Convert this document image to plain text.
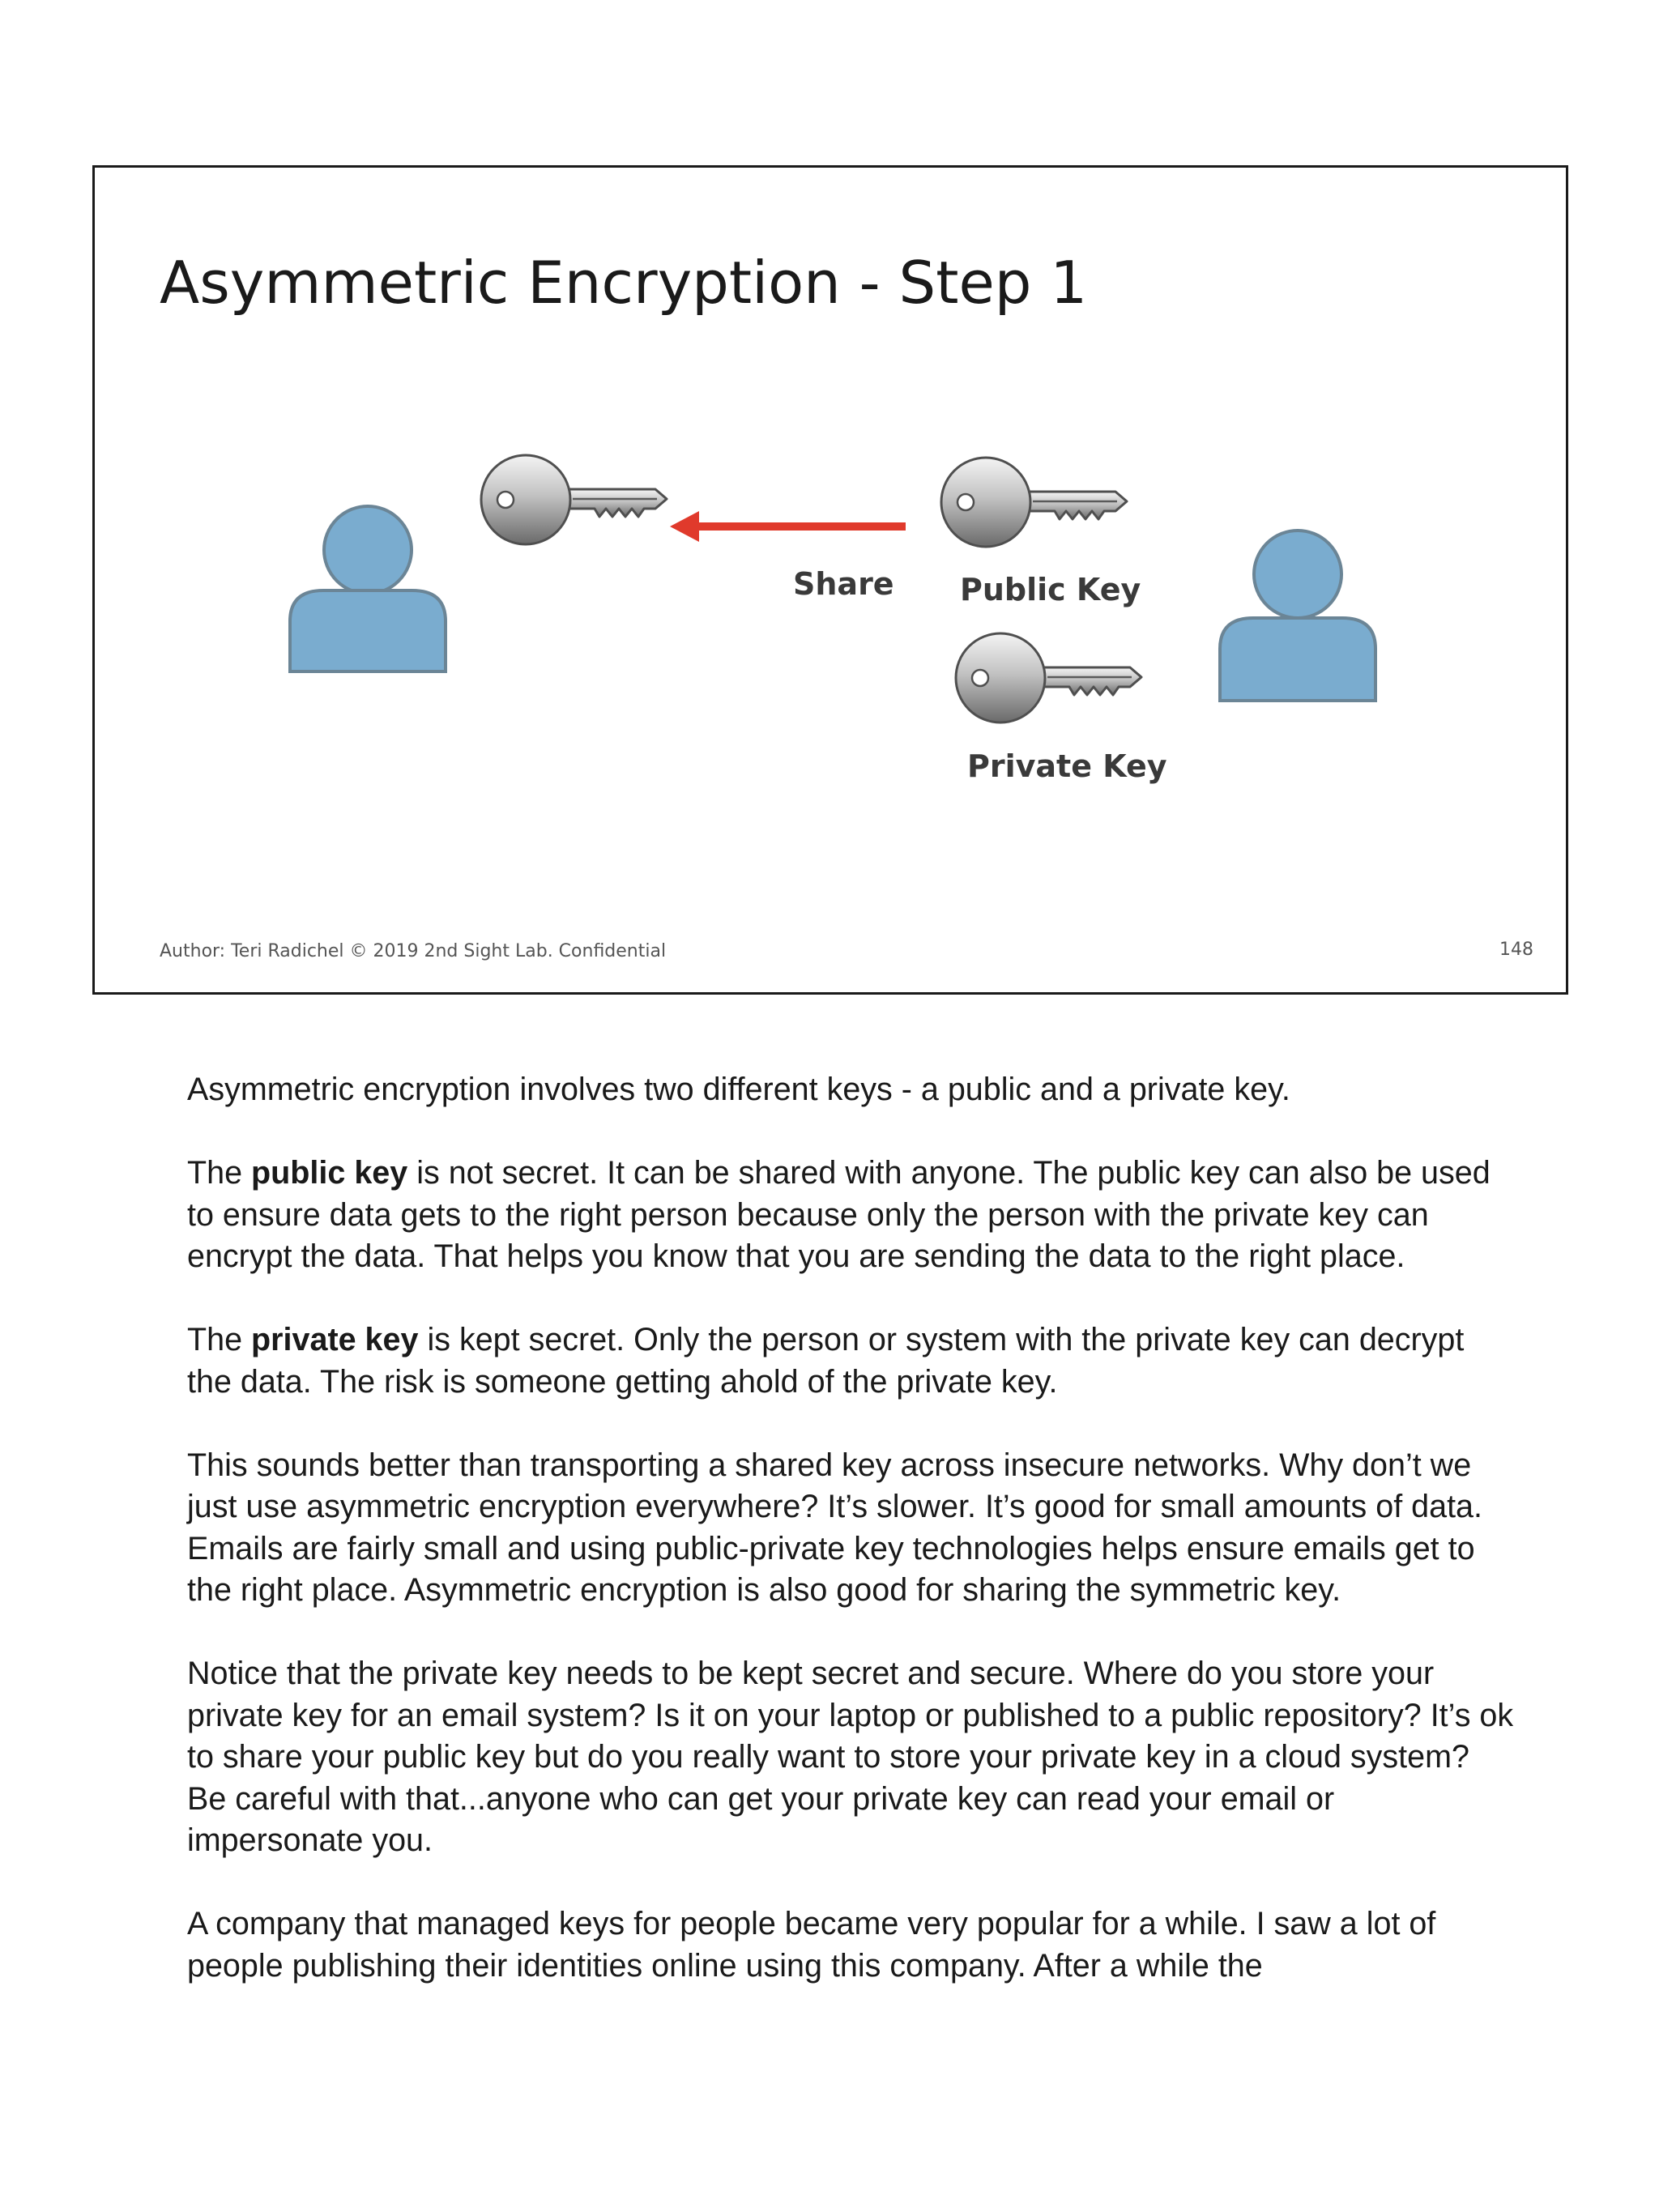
Asymmetric Encryption - Step 1
Share Public Key
Private Key
Author: Teri Radichel © 2019 2nd Sight Lab. Confidential	148

Asymmetric encryption involves two different keys - a public and a private key.

The public key is not secret. It can be shared with anyone. The public key can also be used to ensure data gets to the right person because only the person with the private key can encrypt the data. That helps you know that you are sending the data to the right place.

The private key is kept secret. Only the person or system with the private key can decrypt the data. The risk is someone getting ahold of the private key.

This sounds better than transporting a shared key across insecure networks. Why don’t we just use asymmetric encryption everywhere? It’s slower. It’s good for small amounts of data. Emails are fairly small and using public-private key technologies helps ensure emails get to the right place. Asymmetric encryption is also good for sharing the symmetric key.

Notice that the private key needs to be kept secret and secure. Where do you store your private key for an email system? Is it on your laptop or published to a public repository? It’s ok to share your public key but do you really want to store your private key in a cloud system? Be careful with that...anyone who can get your private key can read your email or impersonate you.

A company that managed keys for people became very popular for a while. I saw a lot of people publishing their identities online using this company. After a while the
